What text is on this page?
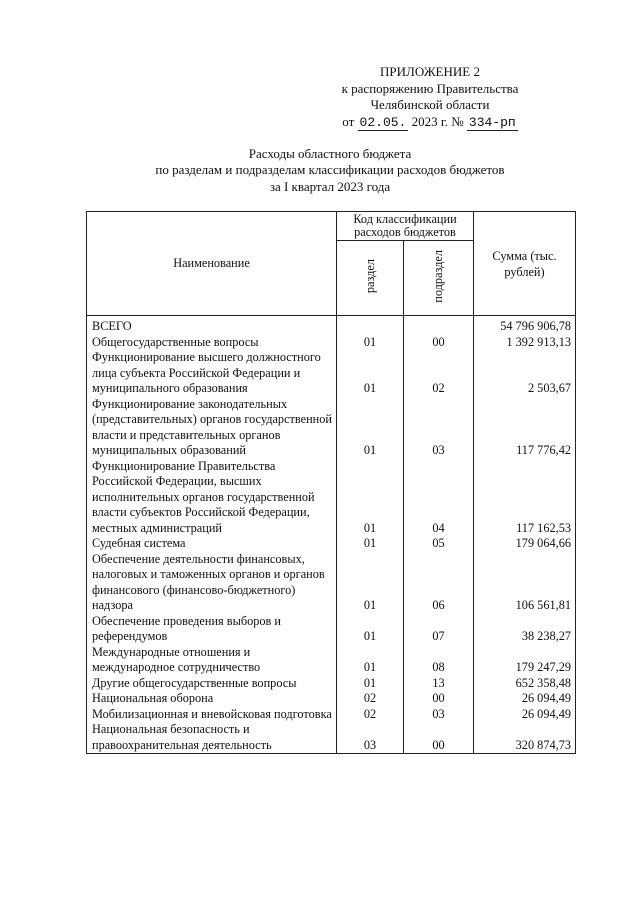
ПРИЛОЖЕНИЕ 2
к распоряжению Правительства
Челябинской области
от 02.05. 2023 г. № 334-рп
Расходы областного бюджета
по разделам и подразделам классификации расходов бюджетов
за I квартал 2023 года
Наименование	Код классификации расходов бюджетов		Сумма (тыс. рублей)
	раздел	подраздел	
ВСЕГО			54 796 906,78
Общегосударственные вопросы	01	00	1 392 913,13
Функционирование высшего должностного лица субъекта Российской Федерации и муниципального образования	01	02	2 503,67
Функционирование законодательных (представительных) органов государственной власти и представительных органов муниципальных образований	01	03	117 776,42
Функционирование Правительства Российской Федерации, высших исполнительных органов государственной власти субъектов Российской Федерации, местных администраций	01	04	117 162,53
Судебная система	01	05	179 064,66
Обеспечение деятельности финансовых, налоговых и таможенных органов и органов финансового (финансово-бюджетного) надзора	01	06	106 561,81
Обеспечение проведения выборов и референдумов	01	07	38 238,27
Международные отношения и международное сотрудничество	01	08	179 247,29
Другие общегосударственные вопросы	01	13	652 358,48
Национальная оборона	02	00	26 094,49
Мобилизационная и вневойсковая подготовка	02	03	26 094,49
Национальная безопасность и правоохранительная деятельность	03	00	320 874,73
